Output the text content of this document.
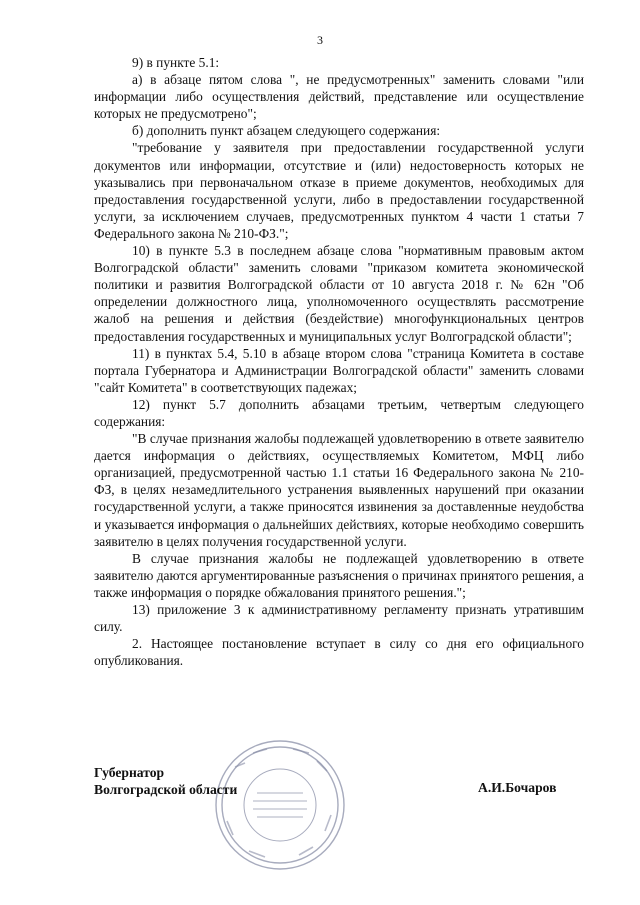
3

9) в пункте 5.1:

а) в абзаце пятом слова ", не предусмотренных" заменить словами "или информации либо осуществления действий, представление или осуществление которых не предусмотрено";

б) дополнить пункт абзацем следующего содержания:

"требование у заявителя при предоставлении государственной услуги документов или информации, отсутствие и (или) недостоверность которых не указывались при первоначальном отказе в приеме документов, необходимых для предоставления государственной услуги, либо в предоставлении государственной услуги, за исключением случаев, предусмотренных пунктом 4 части 1 статьи 7 Федерального закона № 210-ФЗ.";

10) в пункте 5.3 в последнем абзаце слова "нормативным правовым актом Волгоградской области" заменить словами "приказом комитета экономической политики и развития Волгоградской области от 10 августа 2018 г. № 62н "Об определении должностного лица, уполномоченного осуществлять рассмотрение жалоб на решения и действия (бездействие) многофункциональных центров предоставления государственных и муниципальных услуг Волгоградской области";

11) в пунктах 5.4, 5.10 в абзаце втором слова "страница Комитета в составе портала Губернатора и Администрации Волгоградской области" заменить словами "сайт Комитета" в соответствующих падежах;

12) пункт 5.7 дополнить абзацами третьим, четвертым следующего содержания:

"В случае признания жалобы подлежащей удовлетворению в ответе заявителю дается информация о действиях, осуществляемых Комитетом, МФЦ либо организацией, предусмотренной частью 1.1 статьи 16 Федерального закона № 210-ФЗ, в целях незамедлительного устранения выявленных нарушений при оказании государственной услуги, а также приносятся извинения за доставленные неудобства и указывается информация о дальнейших действиях, которые необходимо совершить заявителю в целях получения государственной услуги.

В случае признания жалобы не подлежащей удовлетворению в ответе заявителю даются аргументированные разъяснения о причинах принятого решения, а также информация о порядке обжалования принятого решения.";

13) приложение 3 к административному регламенту признать утратившим силу.

2. Настоящее постановление вступает в силу со дня его официального опубликования.

Губернатор
Волгоградской области	А.И.Бочаров
